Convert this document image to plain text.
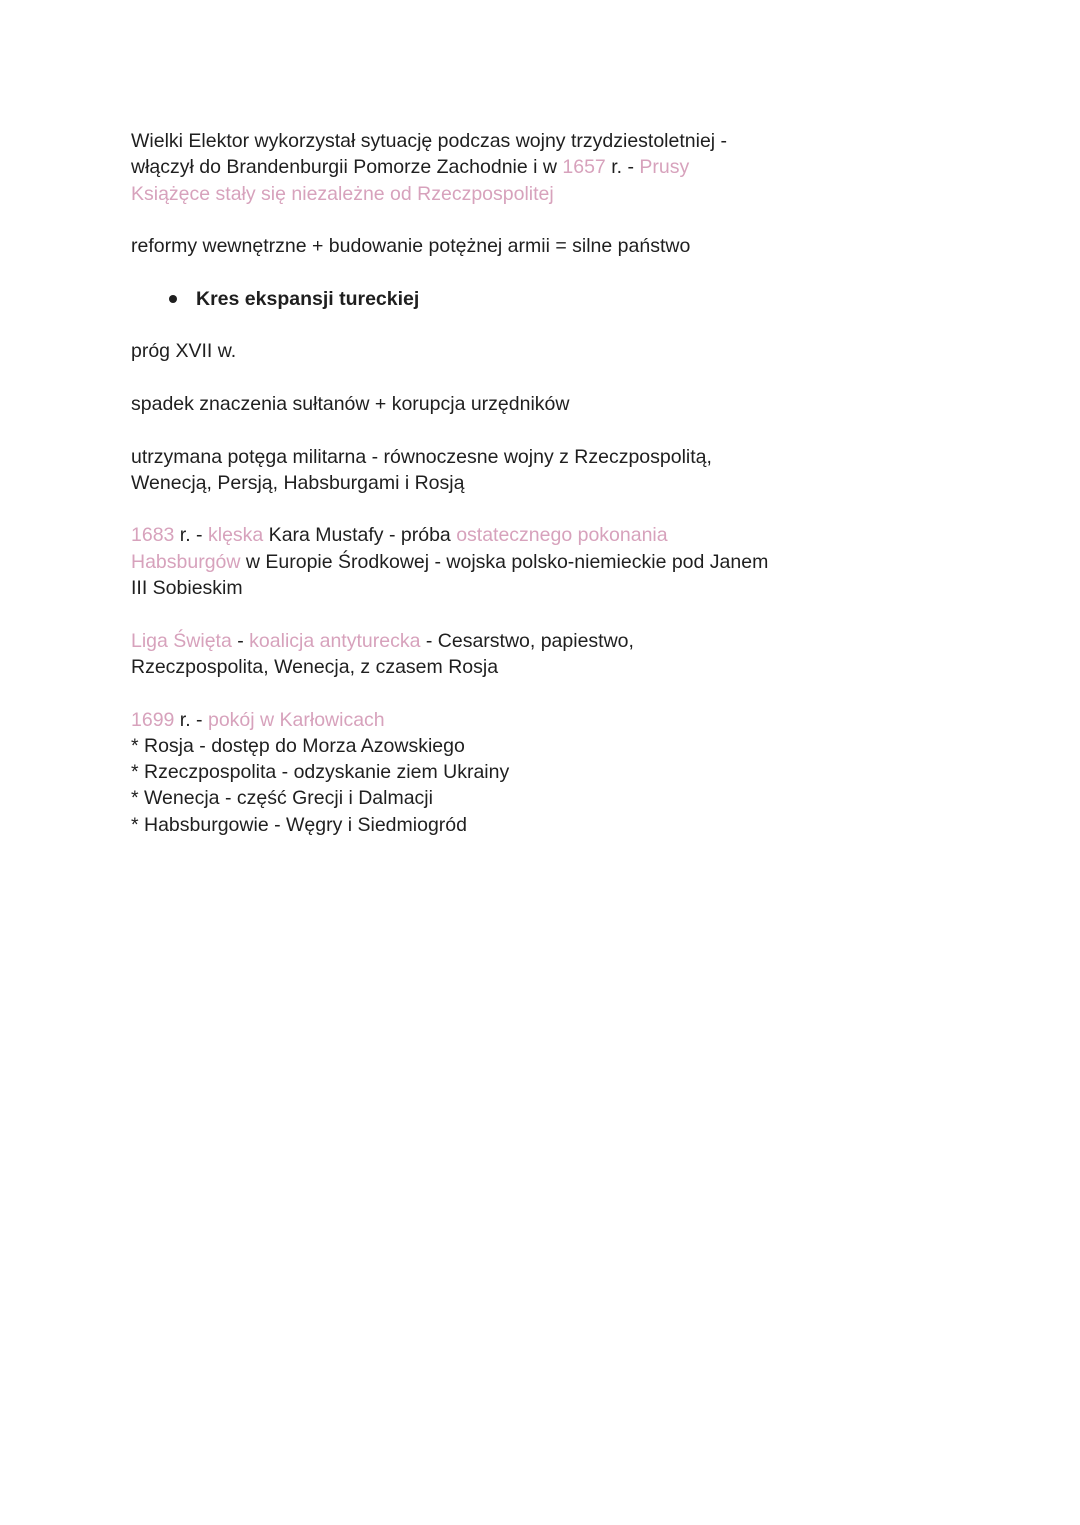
Wielki Elektor wykorzystał sytuację podczas wojny trzydziestoletniej -
włączył do Brandenburgii Pomorze Zachodnie i w 1657 r. - Prusy
Książęce stały się niezależne od Rzeczpospolitej

reformy wewnętrzne + budowanie potężnej armii = silne państwo

Kres ekspansji tureckiej

próg XVII w.

spadek znaczenia sułtanów + korupcja urzędników

utrzymana potęga militarna - równoczesne wojny z Rzeczpospolitą,
Wenecją, Persją, Habsburgami i Rosją

1683 r. - klęska Kara Mustafy - próba ostatecznego pokonania
Habsburgów w Europie Środkowej - wojska polsko-niemieckie pod Janem
III Sobieskim

Liga Święta - koalicja antyturecka - Cesarstwo, papiestwo,
Rzeczpospolita, Wenecja, z czasem Rosja

1699 r. - pokój w Karłowicach
* Rosja - dostęp do Morza Azowskiego
* Rzeczpospolita - odzyskanie ziem Ukrainy
* Wenecja - część Grecji i Dalmacji
* Habsburgowie - Węgry i Siedmiogród
